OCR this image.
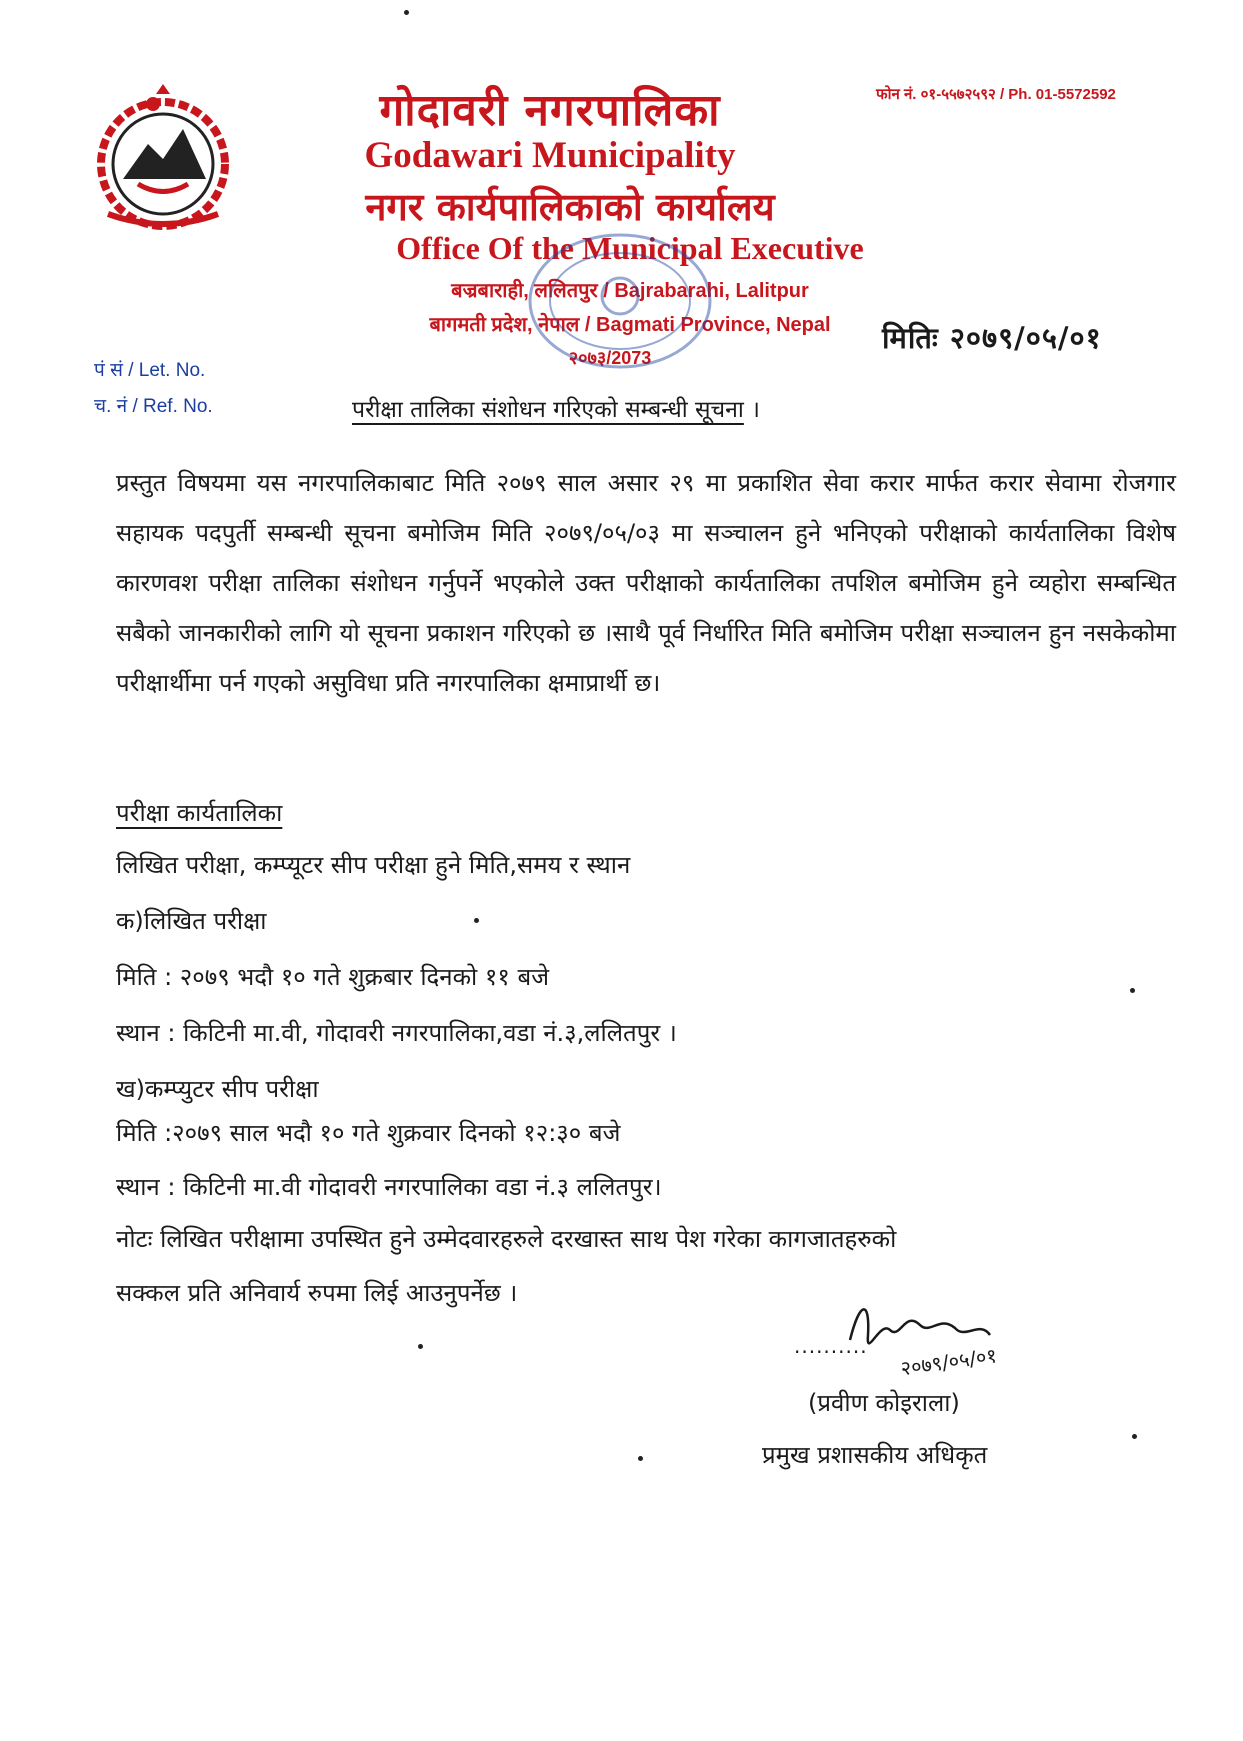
गोदावरी नगरपालिका
Godawari Municipality
नगर कार्यपालिकाको कार्यालय
Office Of the Municipal Executive
बज्रबाराही, ललितपुर / Bajrabarahi, Lalitpur
बागमती प्रदेश, नेपाल / Bagmati Province, Nepal
२०७३/2073
फोन नं. ०१-५५७२५९२ / Ph. 01-5572592
मितिः २०७९/०५/०१
पं सं / Let. No.
च. नं / Ref. No.	परीक्षा तालिका संशोधन गरिएको सम्बन्धी सूचना ।
प्रस्तुत विषयमा यस नगरपालिकाबाट मिति २०७९ साल असार २९ मा प्रकाशित सेवा करार मार्फत करार सेवामा रोजगार सहायक पदपुर्ती सम्बन्धी सूचना बमोजिम मिति २०७९/०५/०३ मा सञ्चालन हुने भनिएको परीक्षाको कार्यतालिका विशेष कारणवश परीक्षा तालिका संशोधन गर्नुपर्ने भएकोले उक्त परीक्षाको कार्यतालिका तपशिल बमोजिम हुने व्यहोरा सम्बन्धित सबैको जानकारीको लागि यो सूचना प्रकाशन गरिएको छ ।साथै पूर्व निर्धारित मिति बमोजिम परीक्षा सञ्चालन हुन नसकेकोमा परीक्षार्थीमा पर्न गएको असुविधा प्रति नगरपालिका क्षमाप्रार्थी छ।
परीक्षा कार्यतालिका
लिखित परीक्षा, कम्प्यूटर सीप परीक्षा हुने मिति,समय र स्थान
क)लिखित परीक्षा
मिति : २०७९ भदौ १० गते शुक्रबार दिनको ११ बजे
स्थान : किटिनी मा.वी, गोदावरी नगरपालिका,वडा नं.३,ललितपुर ।
ख)कम्प्युटर सीप परीक्षा
मिति :२०७९ साल भदौ १० गते शुक्रवार दिनको १२:३० बजे
स्थान : किटिनी मा.वी गोदावरी नगरपालिका वडा नं.३ ललितपुर।
नोटः लिखित परीक्षामा उपस्थित हुने उम्मेदवारहरुले दरखास्त साथ पेश गरेका कागजातहरुको
सक्कल प्रति अनिवार्य रुपमा लिई आउनुपर्नेछ ।
२०७९/०५/०१
..........
(प्रवीण कोइराला)
प्रमुख प्रशासकीय अधिकृत
